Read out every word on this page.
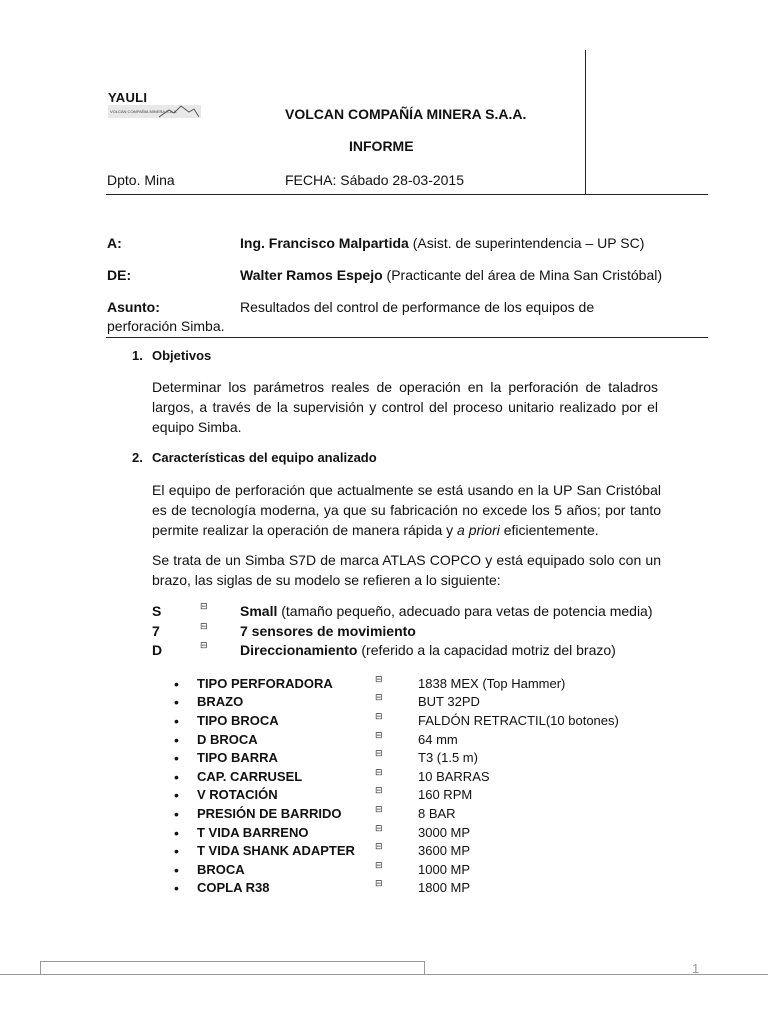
YAULI
VOLCAN COMPAÑIA MINERA S.A.A.	VOLCAN COMPAÑÍA MINERA S.A.A.
INFORME
Dpto. Mina	FECHA: Sábado 28-03-2015
A:	Ing. Francisco Malpartida (Asist. de superintendencia – UP SC)
DE:	Walter Ramos Espejo (Practicante del área de Mina San Cristóbal)
Asunto:	Resultados del control de performance de los equipos de
perforación Simba.
1. Objetivos
Determinar los parámetros reales de operación en la perforación de taladros
largos, a través de la supervisión y control del proceso unitario realizado por el
equipo Simba.
2. Características del equipo analizado
El equipo de perforación que actualmente se está usando en la UP San Cristóbal
es de tecnología moderna, ya que su fabricación no excede los 5 años; por tanto
permite realizar la operación de manera rápida y a priori eficientemente.
Se trata de un Simba S7D de marca ATLAS COPCO y está equipado solo con un
brazo, las siglas de su modelo se refieren a lo siguiente:
S	⊟ Small (tamaño pequeño, adecuado para vetas de potencia media)
7	⊟ 7 sensores de movimiento
D	⊟ Direccionamiento (referido a la capacidad motriz del brazo)
• TIPO PERFORADORA	⊟	1838 MEX (Top Hammer)
• BRAZO	⊟	BUT 32PD
• TIPO BROCA	⊟	FALDÓN RETRACTIL(10 botones)
• D BROCA	⊟	64 mm
• TIPO BARRA	⊟	T3 (1.5 m)
• CAP. CARRUSEL	⊟	10 BARRAS
• V ROTACIÓN	⊟	160 RPM
• PRESIÓN DE BARRIDO	⊟	8 BAR
• T VIDA BARRENO	⊟	3000 MP
• T VIDA SHANK ADAPTER ⊟	3600 MP
• BROCA	⊟	1000 MP
• COPLA R38	⊟	1800 MP
1
